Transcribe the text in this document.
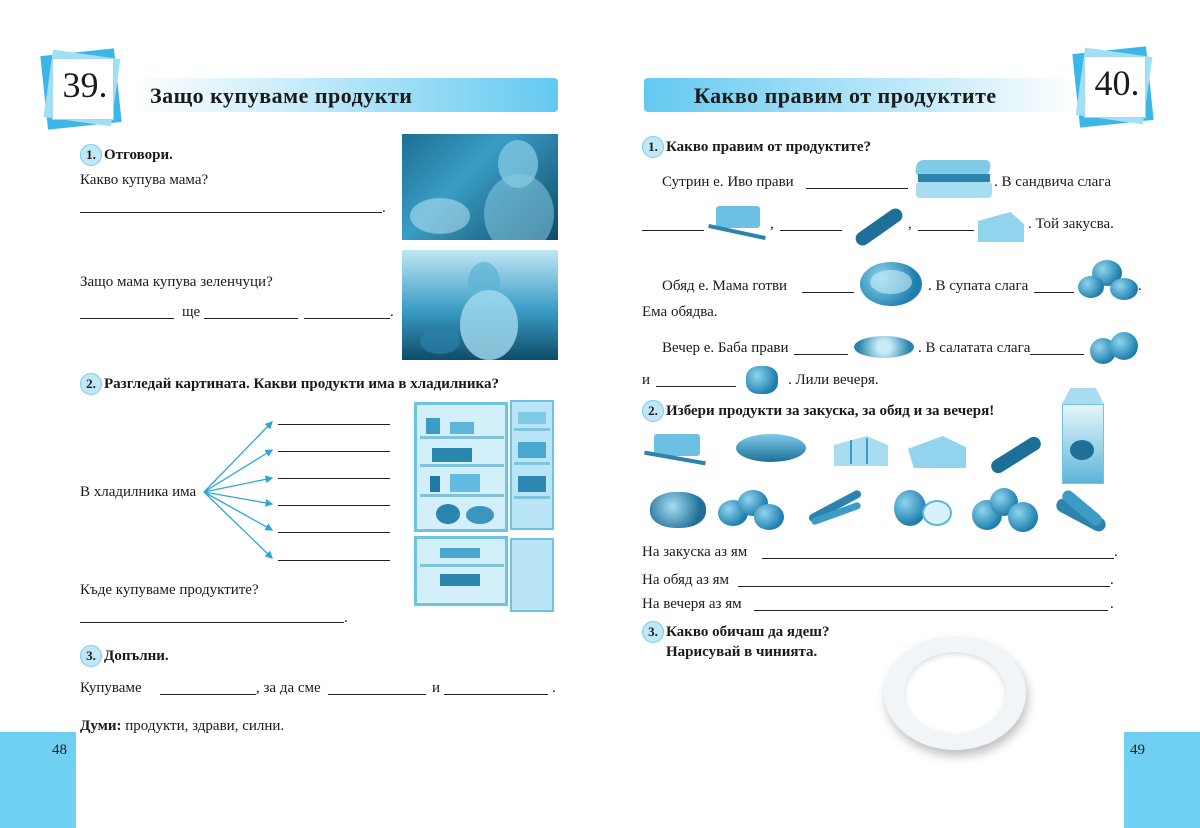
48
39.	Защо купуваме продукти
1. Отговори.
Какво купува мама?
.
Защо мама купува зеленчуци?
ще	.
2. Разгледай картината. Какви продукти има в хладилника?
В хладилника има
Къде купуваме продуктите?
.
3. Допълни.
Купуваме	, за да сме	и	.
Думи: продукти, здрави, силни.
49
Какво правим от продуктите	40.
1. Какво правим от продуктите?
Сутрин е. Иво прави	. В сандвича слага
,	,	. Той закусва.
Обяд е. Мама готви	. В супата слага	.
Ема обядва.
Вечер е. Баба прави	. В салатата слага
и	. Лили вечеря.
2. Избери продукти за закуска, за обяд и за вечеря!
На закуска аз ям	.
На обяд аз ям	.
На вечеря аз ям	.
3. Какво обичаш да ядеш?
Нарисувай в чинията.
